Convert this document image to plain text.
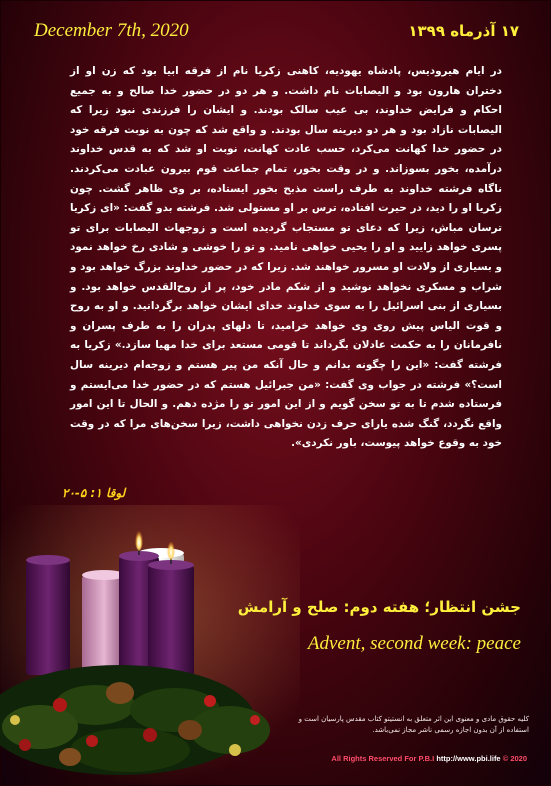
December 7th, 2020	۱۷ آذرماه ۱۳۹۹
در ایام هیرودیس، پادشاه یهودیه، کاهنی زکریا نام از فرقه ابیا بود که زن او از دختران هارون بود و الیصابات نام داشت. و هر دو در حضور خدا صالح و به جمیع احکام و فرایض خداوند، بی عیب سالک بودند. و ایشان را فرزندی نبود زیرا که الیصابات نازاد بود و هر دو دیرینه سال بودند. و واقع شد که چون به نوبت فرقه خود در حضور خدا کهانت می‌کرد، حسب عادت کهانت، نوبت او شد که به قدس خداوند درآمده، بخور بسوزاند. و در وقت بخور، تمام جماعت قوم بیرون عبادت می‌کردند. ناگاه فرشته خداوند به طرف راست مذبح بخور ایستاده، بر وی ظاهر گشت. چون زکریا او را دید، در حیرت افتاده، ترس بر او مستولی شد. فرشته بدو گفت: «ای زکریا ترسان مباش، زیرا که دعای تو مستجاب گردیده است و زوجهات الیصابات برای تو پسری خواهد زایید و او را یحیی خواهی نامید. و تو را خوشی و شادی رخ خواهد نمود و بسیاری از ولادت او مسرور خواهند شد. زیرا که در حضور خداوند بزرگ خواهد بود و شراب و مسکری نخواهد نوشید و از شکم مادر خود، پر از روح‌القدس خواهد بود. و بسیاری از بنی اسرائیل را به سوی خداوند خدای ایشان خواهد برگردانید. و او به روح و قوت الیاس پیش روی وی خواهد خرامید، تا دلهای پدران را به طرف پسران و نافرمانان را به حکمت عادلان بگرداند تا قومی مستعد برای خدا مهیا سازد.» زکریا به فرشته گفت: «این را چگونه بدانم و حال آنکه من پیر هستم و زوجه‌ام دیرینه سال است؟» فرشته در جواب وی گفت: «من جبرائیل هستم که در حضور خدا می‌ایستم و فرستاده شدم تا به تو سخن گویم و از این امور تو را مژده دهم. و الحال تا این امور واقع نگردد، گنگ شده یارای حرف زدن نخواهی داشت، زیرا سخن‌های مرا که در وقت خود به وقوع خواهد پیوست، باور نکردی».
لوقا ۱: ۵-۲۰
جشن انتظار؛ هفته دوم: صلح و آرامش
Advent, second week: peace
کلیه حقوق مادی و معنوی این اثر متعلق به انستیتو کتاب مقدس پارسیان است و استفاده از آن بدون اجازه رسمی ناشر مجاز نمی‌باشد.
All Rights Reserved For P.B.I http://www.pbi.life © 2020
